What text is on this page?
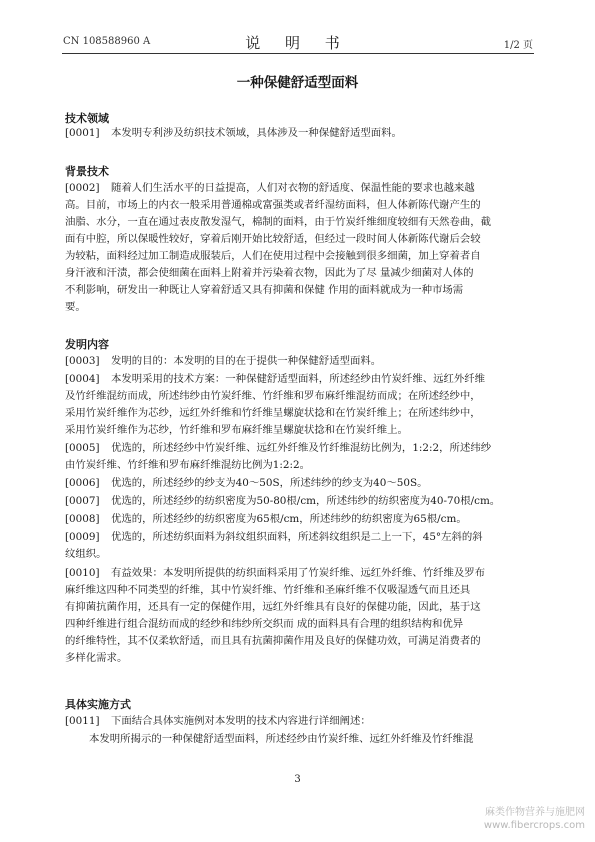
CN 108588960 A	说 明 书	1/2 页
一种保健舒适型面料
技术领域
[0001] 本发明专利涉及纺织技术领域，具体涉及一种保健舒适型面料。
背景技术
[0002] 随着人们生活水平的日益提高，人们对衣物的舒适度、保温性能的要求也越来越
高。目前，市场上的内衣一般采用普通棉或富强类或者纤湿纺面料，但人体新陈代谢产生的
油脂、水分，一直在通过表皮散发湿气，棉制的面料，由于竹炭纤维细度较细有天然卷曲，截
面有中腔，所以保暖性较好，穿着后刚开始比较舒适，但经过一段时间人体新陈代谢后会较
为较粘，面料经过加工制造成服装后，人们在使用过程中会接触到很多细菌，加上穿着者自
身汗液和汗渍，都会使细菌在面料上附着并污染着衣物，因此为了尽 量减少细菌对人体的
不利影响，研发出一种既让人穿着舒适又具有抑菌和保健 作用的面料就成为一种市场需
要。
发明内容
[0003] 发明的目的：本发明的目的在于提供一种保健舒适型面料。
[0004] 本发明采用的技术方案：一种保健舒适型面料，所述经纱由竹炭纤维、远红外纤维
及竹纤维混纺而成，所述纬纱由竹炭纤维、竹纤维和罗布麻纤维混纺而成；在所述经纱中，
采用竹炭纤维作为芯纱，远红外纤维和竹纤维呈螺旋状捻和在竹炭纤维上；在所述纬纱中，
采用竹炭纤维作为芯纱，竹纤维和罗布麻纤维呈螺旋状捻和在竹炭纤维上。
[0005] 优选的，所述经纱中竹炭纤维、远红外纤维及竹纤维混纺比例为，1:2:2，所述纬纱
由竹炭纤维、竹纤维和罗布麻纤维混纺比例为1:2:2。
[0006] 优选的，所述经纱的纱支为40～50S，所述纬纱的纱支为40～50S。
[0007] 优选的，所述经纱的纺织密度为50-80根/cm，所述纬纱的纺织密度为40-70根/cm。
[0008] 优选的，所述经纱的纺织密度为65根/cm，所述纬纱的纺织密度为65根/cm。
[0009] 优选的，所述纺织面料为斜纹组织面料，所述斜纹组织是二上一下，45°左斜的斜
纹组织。
[0010] 有益效果：本发明所提供的纺织面料采用了竹炭纤维、远红外纤维、竹纤维及罗布
麻纤维这四种不同类型的纤维，其中竹炭纤维、竹纤维和圣麻纤维不仅吸湿透气而且还具
有抑菌抗菌作用，还具有一定的保健作用，远红外纤维具有良好的保健功能，因此，基于这
四种纤维进行组合混纺而成的经纱和纬纱所交织而 成的面料具有合理的组织结构和优异
的纤维特性，其不仅柔软舒适，而且具有抗菌抑菌作用及良好的保健功效，可满足消费者的
多样化需求。
具体实施方式
[0011] 下面结合具体实施例对本发明的技术内容进行详细阐述：
本发明所揭示的一种保健舒适型面料，所述经纱由竹炭纤维、远红外纤维及竹纤维混
3
麻类作物营养与施肥网
www.fibercrops.com
